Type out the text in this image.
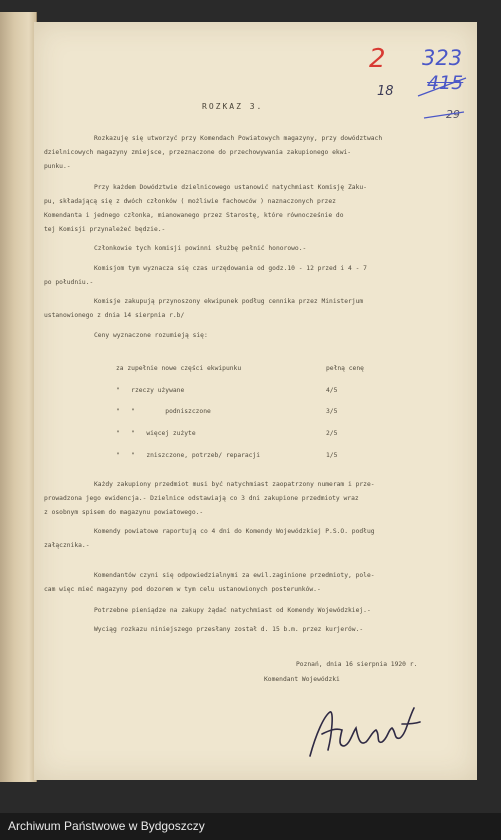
2 323
415
18
29
ROZKAZ 3.
Rozkazuję się utworzyć przy Komendach Powiatowych magazyny, przy dowództwach
dzielnicowych magazyny zmiejsce, przeznaczone do przechowywania zakupionego ekwi-
punku.-
Przy każdem Dowództwie dzielnicowego ustanowić natychmiast Komisję Zaku-
pu, składającą się z dwóch członków ( możliwie fachowców ) naznaczonych przez
Komendanta i jednego członka, mianowanego przez Starostę, które równocześnie do
tej Komisji przynależeć będzie.-
Członkowie tych komisji powinni służbę pełnić honorowo.-
Komisjom tym wyznacza się czas urzędowania od godz.10 - 12 przed i 4 - 7
po południu.-
Komisje zakupują przynoszony ekwipunek podług cennika przez Ministerjum
ustanowionego z dnia 14 sierpnia r.b/
Ceny wyznaczone rozumieją się:
za zupełnie nowe części ekwipunku	pełną cenę
"   rzeczy używane	4/5
"   "        podniszczone	3/5
"   "   więcej zużyte	2/5
"   "   zniszczone, potrzeb/ reparacji	1/5
Każdy zakupiony przedmiot musi być natychmiast zaopatrzony numeram i prze-
prowadzona jego ewidencja.- Dzielnice odstawiają co 3 dni zakupione przedmioty wraz
z osobnym spisem do magazynu powiatowego.-
Komendy powiatowe raportują co 4 dni do Komendy Wojewódzkiej P.S.O. podług
załącznika.-
Komendantów czyni się odpowiedzialnymi za ewil.zaginione przedmioty, pole-
cam więc mieć magazyny pod dozorem w tym celu ustanowionych posterunków.-
Potrzebne pieniądze na zakupy żądać natychmiast od Komendy Wojewódzkiej.-
Wyciąg rozkazu niniejszego przesłany został d. 15 b.m. przez kurjerów.-
Poznań, dnia 16 sierpnia 1920 r.
Komendant Wojewódzki
Archiwum Państwowe w Bydgoszczy
